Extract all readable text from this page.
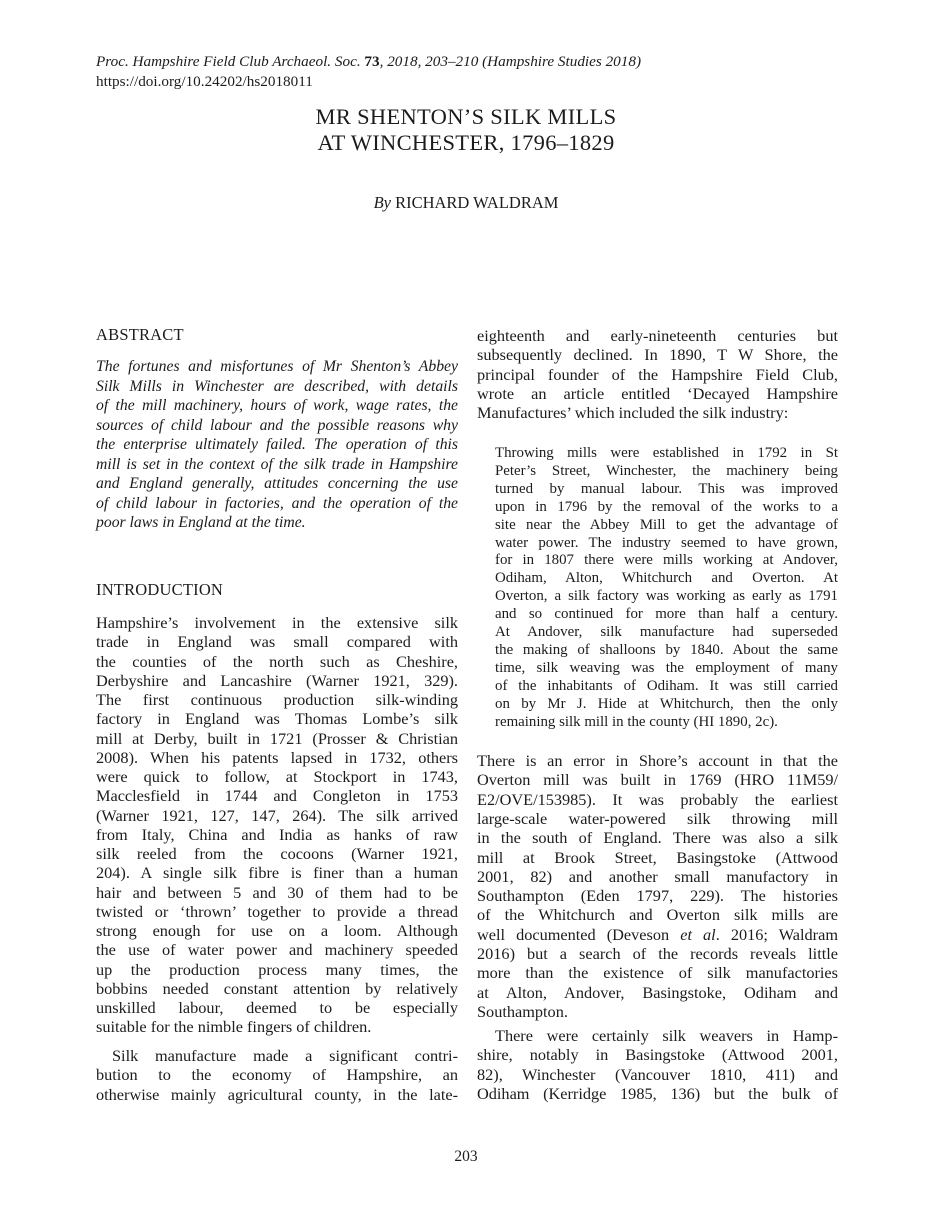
Proc. Hampshire Field Club Archaeol. Soc. 73, 2018, 203–210 (Hampshire Studies 2018)
https://doi.org/10.24202/hs2018011
MR SHENTON’S SILK MILLS
AT WINCHESTER, 1796–1829
By RICHARD WALDRAM
ABSTRACT
INTRODUCTION
The fortunes and misfortunes of Mr Shenton’s Abbey
Silk Mills in Winchester are described, with details
of the mill machinery, hours of work, wage rates, the
sources of child labour and the possible reasons why
the enterprise ultimately failed. The operation of this
mill is set in the context of the silk trade in Hampshire
and England generally, attitudes concerning the use
of child labour in factories, and the operation of the
poor laws in England at the time.
Hampshire’s involvement in the extensive silk
trade in England was small compared with
the counties of the north such as Cheshire,
Derbyshire and Lancashire (Warner 1921, 329).
The first continuous production silk-winding
factory in England was Thomas Lombe’s silk
mill at Derby, built in 1721 (Prosser & Christian
2008). When his patents lapsed in 1732, others
were quick to follow, at Stockport in 1743,
Macclesfield in 1744 and Congleton in 1753
(Warner 1921, 127, 147, 264). The silk arrived
from Italy, China and India as hanks of raw
silk reeled from the cocoons (Warner 1921,
204). A single silk fibre is finer than a human
hair and between 5 and 30 of them had to be
twisted or ‘thrown’ together to provide a thread
strong enough for use on a loom. Although
the use of water power and machinery speeded
up the production process many times, the
bobbins needed constant attention by relatively
unskilled labour, deemed to be especially
suitable for the nimble fingers of children.
Silk manufacture made a significant contri-
bution to the economy of Hampshire, an
otherwise mainly agricultural county, in the late-
eighteenth and early-nineteenth centuries but
subsequently declined. In 1890, T W Shore, the
principal founder of the Hampshire Field Club,
wrote an article entitled ‘Decayed Hampshire
Manufactures’ which included the silk industry:
Throwing mills were established in 1792 in St
Peter’s Street, Winchester, the machinery being
turned by manual labour. This was improved
upon in 1796 by the removal of the works to a
site near the Abbey Mill to get the advantage of
water power. The industry seemed to have grown,
for in 1807 there were mills working at Andover,
Odiham, Alton, Whitchurch and Overton. At
Overton, a silk factory was working as early as 1791
and so continued for more than half a century.
At Andover, silk manufacture had superseded
the making of shalloons by 1840. About the same
time, silk weaving was the employment of many
of the inhabitants of Odiham. It was still carried
on by Mr J. Hide at Whitchurch, then the only
remaining silk mill in the county (HI 1890, 2c).
There is an error in Shore’s account in that the
Overton mill was built in 1769 (HRO 11M59/
E2/OVE/153985). It was probably the earliest
large-scale water-powered silk throwing mill
in the south of England. There was also a silk
mill at Brook Street, Basingstoke (Attwood
2001, 82) and another small manufactory in
Southampton (Eden 1797, 229). The histories
of the Whitchurch and Overton silk mills are
well documented (Deveson et al. 2016; Waldram
2016) but a search of the records reveals little
more than the existence of silk manufactories
at Alton, Andover, Basingstoke, Odiham and
Southampton.
There were certainly silk weavers in Hamp-
shire, notably in Basingstoke (Attwood 2001,
82), Winchester (Vancouver 1810, 411) and
Odiham (Kerridge 1985, 136) but the bulk of
203
